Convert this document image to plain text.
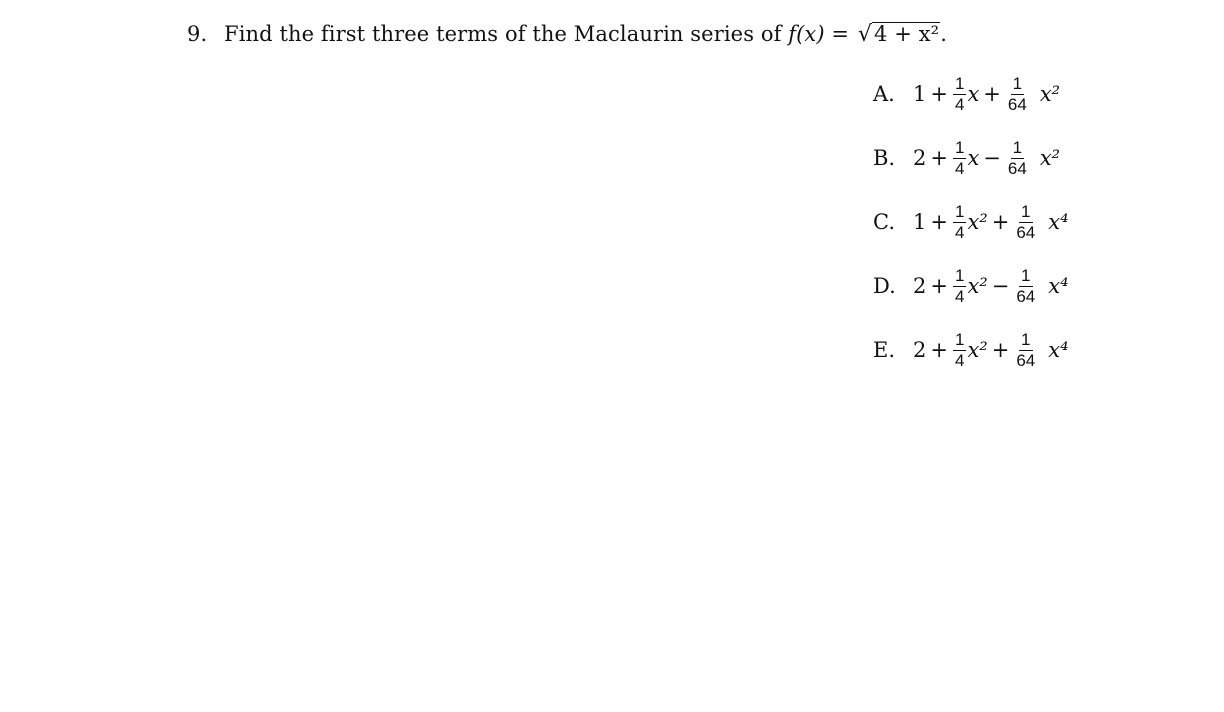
9. Find the first three terms of the Maclaurin series of f(x) = √4 + x².
A. $1 + \frac{1}{4}$ $x + \frac{1}{64} x^2$
B. $2 + \frac{1}{4}$ $x - \frac{1}{64} x^2$
C. $1 + \frac{1}{4} x^2 + \frac{1}{64} x^4$
D. $2 + \frac{1}{4} x^2 - \frac{1}{64} x^4$
E. $2 + \frac{1}{4} x^2 + \frac{1}{64} x^4$
